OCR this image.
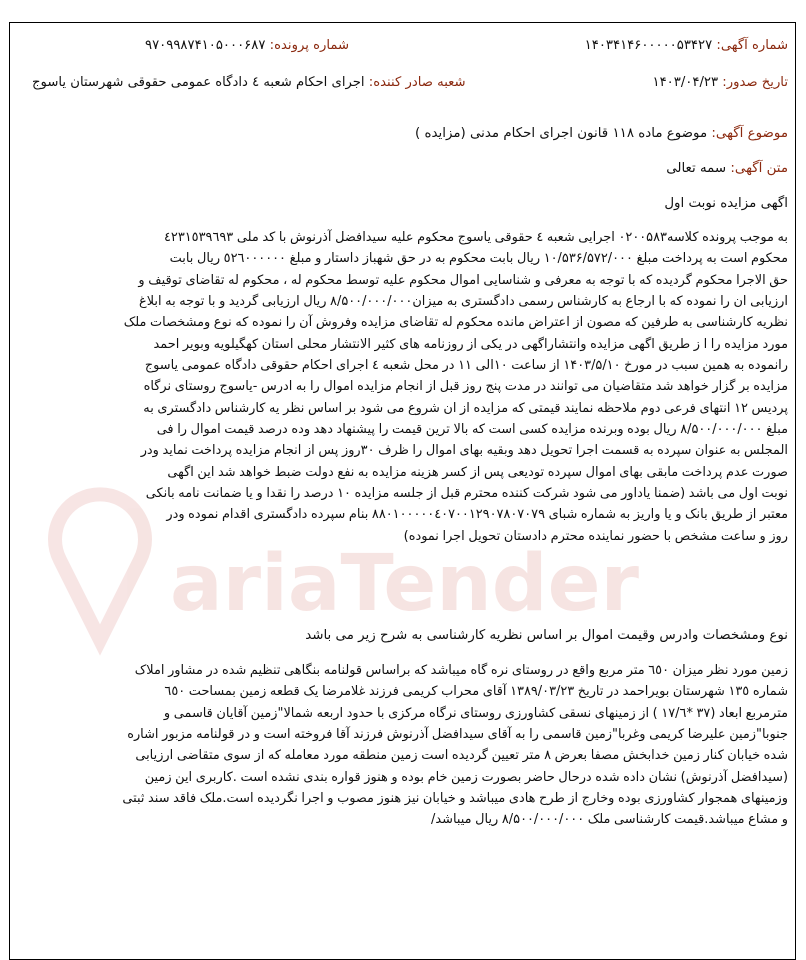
ariaTender
شماره آگهی: ۱۴۰۳۴۱۴۶۰۰۰۰۰۵۳۴۲۷
شماره پرونده: ۹۷۰۹۹۸۷۴۱۰۵۰۰۰۶۸۷
تاریخ صدور: ۱۴۰۳/۰۴/۲۳
شعبه صادر کننده: اجرای احکام شعبه ٤ دادگاه عمومی حقوقی شهرستان یاسوج
موضوع آگهی: موضوع ماده ۱۱۸ قانون اجرای احکام مدنی (مزایده )
متن آگهی: سمه تعالی
اگهی مزایده نوبت اول
به موجب پرونده کلاسه۰۲۰۰۵۸۳ اجرایی شعبه ٤ حقوقی یاسوج محکوم علیه سیدافضل آذرنوش با کد ملی ٤٢٣١٥٣٩٦٩٣
محکوم است به پرداخت مبلغ ۱۰/۵۳۶/۵۷۲/۰۰۰ ریال بابت محکوم به در حق شهباز داستار و مبلغ ٥٢٦٠٠٠٠٠٠ ریال بابت
حق الاجرا محکوم گردیده که با توجه به معرفی و شناسایی اموال محکوم علیه توسط محکوم له ، محکوم له تقاضای توقیف و
ارزیابی ان را نموده که با ارجاع به کارشناس رسمی دادگستری به میزان۸/۵۰۰/۰۰۰/۰۰۰ ریال ارزیابی گردید و با توجه به ابلاغ
نظریه کارشناسی به طرفین که مصون از اعتراض مانده محکوم له تقاضای مزایده وفروش آن را نموده که نوع ومشخصات ملک
مورد مزایده را ا ز طریق اگهی مزایده وانتشاراگهی در یکی از روزنامه های کثیر الانتشار محلی استان کهگیلویه وبویر احمد
رانموده به همین سبب در مورخ ۱۴۰۳/۵/۱۰ از ساعت ۱۰الی ۱۱ در محل شعبه ٤ اجرای احکام حقوقی دادگاه عمومی یاسوج
مزایده بر گزار خواهد شد متقاضیان می توانند در مدت پنج روز قبل از انجام مزایده اموال را به ادرس -یاسوج روستای نرگاه
پردیس ۱۲ انتهای فرعی دوم ملاحظه نمایند قیمتی که مزایده از ان شروع می شود بر اساس نظر یه کارشناس دادگستری به
مبلغ ۸/۵۰۰/۰۰۰/۰۰۰ ریال بوده وبرنده مزایده کسی است که بالا ترین قیمت را پیشنهاد دهد وده درصد قیمت اموال را فی
المجلس به عنوان سپرده به قسمت اجرا تحویل دهد وبقیه بهای اموال را ظرف ۳۰روز پس از انجام مزایده پرداخت نماید ودر
صورت عدم پرداخت مابقی بهای اموال سپرده تودیعی پس از کسر هزینه مزایده به نفع دولت ضبط خواهد شد این اگهی
نوبت اول می باشد (ضمنا یاداور می شود شرکت کننده محترم قبل از جلسه مزایده ۱۰ درصد را نقدا و یا ضمانت نامه بانکی
معتبر از طریق بانک و یا واریز به شماره شبای ۸۸۰۱۰۰۰۰۰٤٠٧٠٠١٢٩٠٧٨٠٧٠٧٩ بنام سپرده دادگستری اقدام نموده ودر
روز و ساعت مشخص با حضور نماینده محترم دادستان تحویل اجرا نموده)
نوع ومشخصات وادرس وقیمت اموال بر اساس نظریه کارشناسی به شرح زیر می باشد
زمین مورد نظر میزان ٦٥٠ متر مربع واقع در روستای نره گاه میباشد که براساس قولنامه بنگاهی تنظیم شده در مشاور املاک
شماره ۱۳٥ شهرستان بویراحمد در تاریخ ۱۳۸۹/۰۳/۲۳ آقای محراب کریمی فرزند غلامرضا یک قطعه زمین بمساحت ٦٥٠
مترمربع ابعاد (۳۷ *۱۷/٦ ) از زمینهای نسقی کشاورزی روستای نرگاه مرکزی با حدود اربعه شمالا"زمین آقایان قاسمی و
جنوبا"زمین علیرضا کریمی وغربا"زمین قاسمی را به آقای سیدافضل آذرنوش فرزند آقا فروخته است و در قولنامه مزبور اشاره
شده خیابان کنار زمین خدابخش مصفا بعرض ۸ متر تعیین گردیده است زمین منطقه مورد معامله که از سوی متقاضی ارزیابی
(سیدافضل آذرنوش) نشان داده شده درحال حاضر بصورت زمین خام بوده و هنوز قواره بندی نشده است .کاربری این زمین
وزمینهای همجوار کشاورزی بوده وخارج از طرح هادی میباشد و خیابان نیز هنوز مصوب و اجرا نگردیده است.ملک فاقد سند ثبتی
و مشاع میباشد.قیمت کارشناسی ملک ۸/۵۰۰/۰۰۰/۰۰۰ ریال میباشد/
